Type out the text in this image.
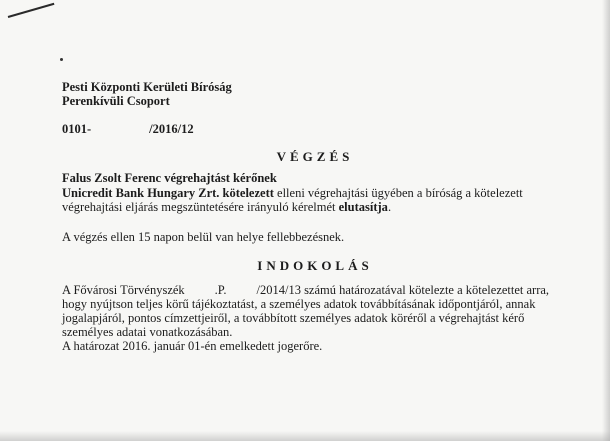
Pesti Központi Kerületi Bíróság
Perenkívüli Csoport
0101-	/2016/12
VÉGZÉS
Falus Zsolt Ferenc végrehajtást kérőnek
Unicredit Bank Hungary Zrt. kötelezett elleni végrehajtási ügyében a bíróság a kötelezett
végrehajtási eljárás megszüntetésére irányuló kérelmét elutasítja.
A végzés ellen 15 napon belül van helye fellebbezésnek.
INDOKOLÁS
A Fővárosi Törvényszék .P. /2014/13 számú határozatával kötelezte a kötelezettet arra,
hogy nyújtson teljes körű tájékoztatást, a személyes adatok továbbításának időpontjáról, annak
jogalapjáról, pontos címzettjeiről, a továbbított személyes adatok köréről a végrehajtást kérő
személyes adatai vonatkozásában.
A határozat 2016. január 01-én emelkedett jogerőre.
